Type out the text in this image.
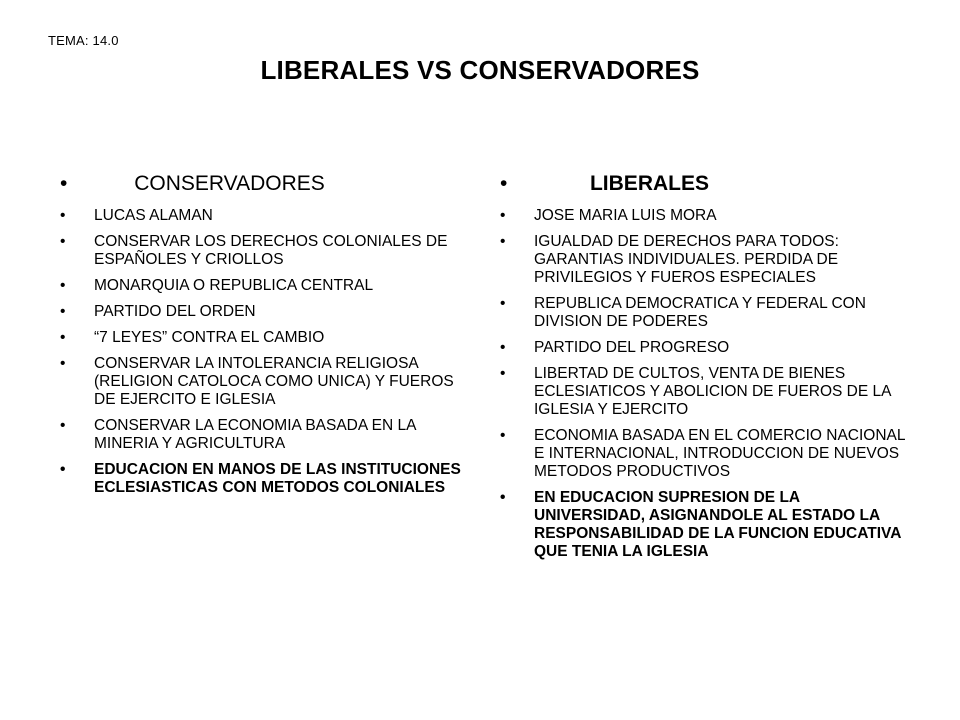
TEMA: 14.0
LIBERALES VS CONSERVADORES
•	CONSERVADORES
• LUCAS ALAMAN
• CONSERVAR LOS DERECHOS COLONIALES DE ESPAÑOLES Y CRIOLLOS
• MONARQUIA O REPUBLICA CENTRAL
• PARTIDO DEL ORDEN
• “7 LEYES” CONTRA EL CAMBIO
• CONSERVAR LA INTOLERANCIA RELIGIOSA (RELIGION CATOLOCA COMO UNICA) Y FUEROS DE EJERCITO E IGLESIA
• CONSERVAR LA ECONOMIA BASADA EN LA MINERIA Y AGRICULTURA
• EDUCACION EN MANOS DE LAS INSTITUCIONES ECLESIASTICAS CON METODOS COLONIALES
•	LIBERALES
• JOSE MARIA LUIS MORA
• IGUALDAD DE DERECHOS PARA TODOS: GARANTIAS INDIVIDUALES. PERDIDA DE PRIVILEGIOS Y FUEROS ESPECIALES
• REPUBLICA DEMOCRATICA Y FEDERAL CON DIVISION DE PODERES
• PARTIDO DEL PROGRESO
• LIBERTAD DE CULTOS, VENTA DE BIENES ECLESIATICOS Y ABOLICION DE FUEROS DE LA IGLESIA Y EJERCITO
• ECONOMIA BASADA EN EL COMERCIO NACIONAL E INTERNACIONAL, INTRODUCCION DE NUEVOS METODOS PRODUCTIVOS
• EN EDUCACION SUPRESION DE LA UNIVERSIDAD, ASIGNANDOLE AL ESTADO LA RESPONSABILIDAD DE LA FUNCION EDUCATIVA QUE TENIA LA IGLESIA
